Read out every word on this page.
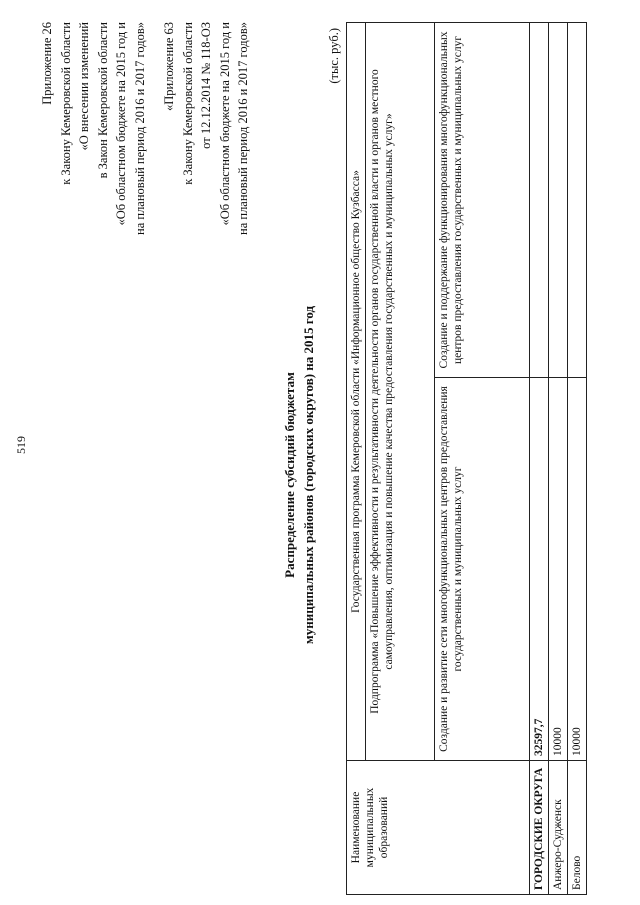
519
Приложение 26 к Закону Кемеровской области «О внесении изменений в Закон Кемеровской области «Об областном бюджете на 2015 год и на плановый период 2016 и 2017 годов» «Приложение 63 к Закону Кемеровской области от 12.12.2014 № 118-ОЗ «Об областном бюджете на 2015 год и на плановый период 2016 и 2017 годов»
Распределение субсидий бюджетам муниципальных районов (городских округов) на 2015 год
(тыс. руб.)
Наименование муниципальных образований	Государственная программа Кемеровской области «Информационное общество Кузбасса»	
	Подпрограмма «Повышение эффективности и результативности деятельности органов государственной власти и органов местного самоуправления, оптимизация и повышение качества предоставления государственных и муниципальных услуг»	
	Создание и развитие сети многофункциональных центров предоставления государственных и муниципальных услуг	Создание и поддержание функционирования многофункциональных центров предоставления государственных и муниципальных услуг
ГОРОДСКИЕ ОКРУГА	32597,7	
Анжеро-Судженск	10000	
Белово	10000	
